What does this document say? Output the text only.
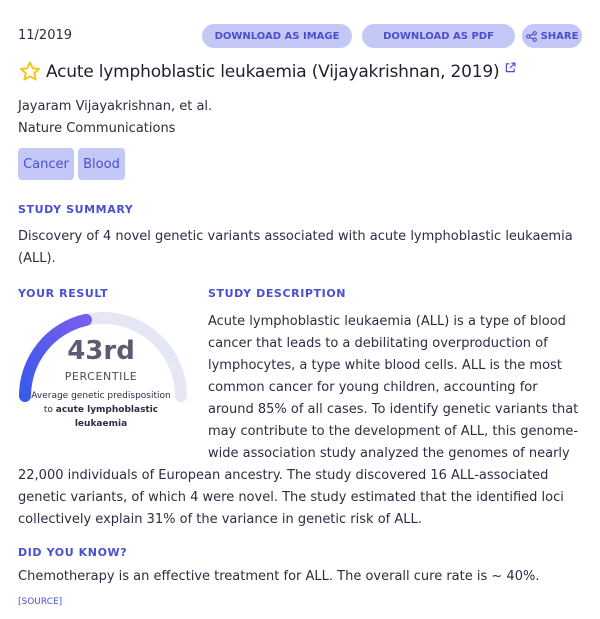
11/2019	DOWNLOAD AS IMAGE	DOWNLOAD AS PDF	SHARE
Acute lymphoblastic leukaemia (Vijayakrishnan, 2019)
Jayaram Vijayakrishnan, et al.
Nature Communications
Cancer	Blood
STUDY SUMMARY
Discovery of 4 novel genetic variants associated with acute lymphoblastic leukaemia (ALL).
YOUR RESULT	STUDY DESCRIPTION
43rd
PERCENTILE
Average genetic predisposition to acute lymphoblastic leukaemia
Acute lymphoblastic leukaemia (ALL) is a type of blood cancer that leads to a debilitating overproduction of lymphocytes, a type white blood cells. ALL is the most common cancer for young children, accounting for around 85% of all cases. To identify genetic variants that may contribute to the development of ALL, this genome-wide association study analyzed the genomes of nearly 22,000 individuals of European ancestry. The study discovered 16 ALL-associated genetic variants, of which 4 were novel. The study estimated that the identified loci collectively explain 31% of the variance in genetic risk of ALL.
DID YOU KNOW?
Chemotherapy is an effective treatment for ALL. The overall cure rate is ~ 40%.
[SOURCE]
